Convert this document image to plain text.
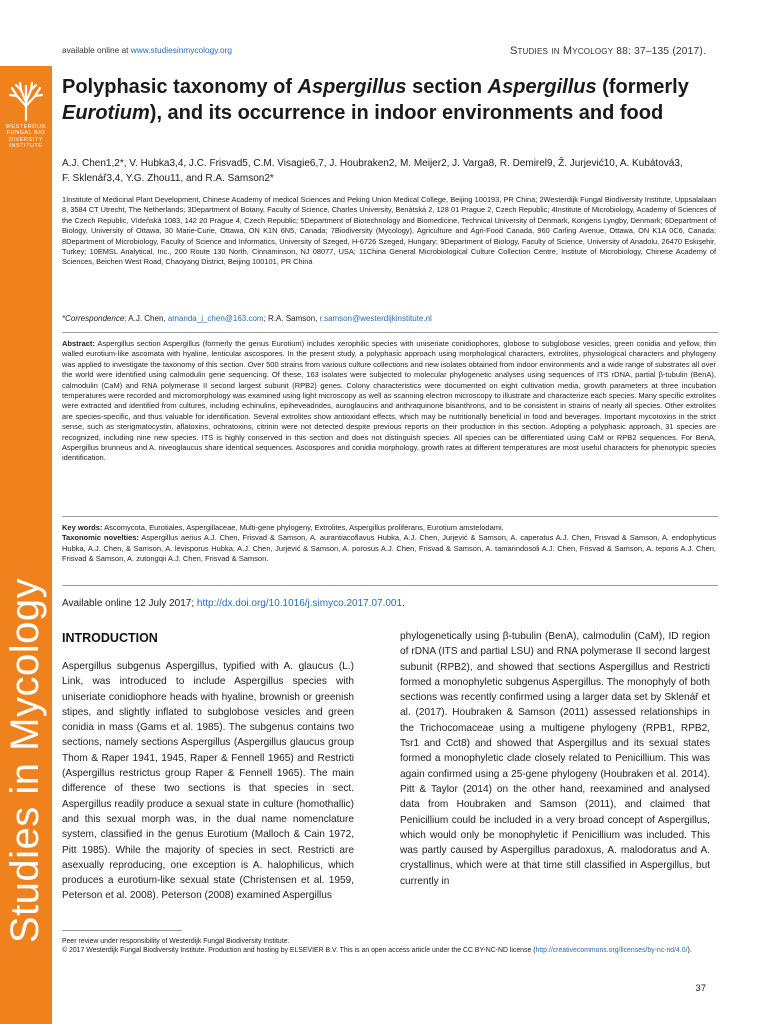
WESTERDIJK
FUNGAL BIO
DIVERSITY
INSTITUTE
Studies in Mycology
available online at www.studiesinmycology.org	Studies in Mycology 88: 37–135 (2017).
Polyphasic taxonomy of Aspergillus section Aspergillus (formerly Eurotium), and its occurrence in indoor environments and food
A.J. Chen1,2*, V. Hubka3,4, J.C. Frisvad5, C.M. Visagie6,7, J. Houbraken2, M. Meijer2, J. Varga8, R. Demirel9, Ž. Jurjević10, A. Kubátová3,
F. Sklenář3,4, Y.G. Zhou11, and R.A. Samson2*
1Institute of Medicinal Plant Development, Chinese Academy of medical Sciences and Peking Union Medical College, Beijing 100193, PR China; 2Westerdijk Fungal Biodiversity Institute, Uppsalalaan 8, 3584 CT Utrecht, The Netherlands; 3Department of Botany, Faculty of Science, Charles University, Benátská 2, 128 01 Prague 2, Czech Republic; 4Institute of Microbiology, Academy of Sciences of the Czech Republic, Vídeňská 1083, 142 20 Prague 4, Czech Republic; 5Department of Biotechnology and Biomedicine, Technical University of Denmark, Kongens Lyngby, Denmark; 6Department of Biology, University of Ottawa, 30 Marie-Curie, Ottawa, ON K1N 6N5, Canada; 7Biodiversity (Mycology), Agriculture and Agri-Food Canada, 960 Carling Avenue, Ottawa, ON K1A 0C6, Canada; 8Department of Microbiology, Faculty of Science and Informatics, University of Szeged, H-6726 Szeged, Hungary; 9Department of Biology, Faculty of Science, University of Anadolu, 26470 Eskişehir, Turkey; 10EMSL Analytical, Inc., 200 Route 130 North, Cinnaminson, NJ 08077, USA; 11China General Microbiological Culture Collection Centre, Institute of Microbiology, Chinese Academy of Sciences, Beichen West Road, Chaoyang District, Beijing 100101, PR China
*Correspondence: A.J. Chen, amanda_j_chen@163.com; R.A. Samson, r.samson@westerdijkinstitute.nl
Abstract: Aspergillus section Aspergillus (formerly the genus Eurotium) includes xerophilic species with uniseriate conidiophores, globose to subglobose vesicles, green conidia and yellow, thin walled eurotium-like ascomata with hyaline, lenticular ascospores. In the present study, a polyphasic approach using morphological characters, extrolites, physiological characters and phylogeny was applied to investigate the taxonomy of this section. Over 500 strains from various culture collections and new isolates obtained from indoor environments and a wide range of substrates all over the world were identified using calmodulin gene sequencing. Of these, 163 isolates were subjected to molecular phylogenetic analyses using sequences of ITS rDNA, partial β-tubulin (BenA), calmodulin (CaM) and RNA polymerase II second largest subunit (RPB2) genes. Colony characteristics were documented on eight cultivation media, growth parameters at three incubation temperatures were recorded and micromorphology was examined using light microscopy as well as scanning electron microscopy to illustrate and characterize each species. Many specific extrolites were extracted and identified from cultures, including echinulins, epiheveadrides, auroglaucins and anthraquinone bisanthrons, and to be consistent in strains of nearly all species. Other extrolites are species-specific, and thus valuable for identification. Several extrolites show antioxidant effects, which may be nutritionally beneficial in food and beverages. Important mycotoxins in the strict sense, such as sterigmatocystin, aflatoxins, ochratoxins, citrinin were not detected despite previous reports on their production in this section. Adopting a polyphasic approach, 31 species are recognized, including nine new species. ITS is highly conserved in this section and does not distinguish species. All species can be differentiated using CaM or RPB2 sequences. For BenA, Aspergillus brunneus and A. niveoglaucus share identical sequences. Ascospores and conidia morphology, growth rates at different temperatures are most useful characters for phenotypic species identification.
Key words: Ascomycota, Eurotiales, Aspergillaceae, Multi-gene phylogeny, Extrolites, Aspergillus proliferans, Eurotium amstelodami.
Taxonomic novelties: Aspergillus aerius A.J. Chen, Frisvad & Samson, A. aurantiacoflavus Hubka, A.J. Chen, Jurjević & Samson, A. caperatus A.J. Chen, Frisvad & Samson, A. endophyticus Hubka, A.J. Chen, & Samson, A. levisporus Hubka, A.J. Chen, Jurjević & Samson, A. porosus A.J. Chen, Frisvad & Samson, A. tamarindosoli A.J. Chen, Frisvad & Samson, A. teporis A.J. Chen, Frisvad & Samson, A. zutongqii A.J. Chen, Frisvad & Samson.
Available online 12 July 2017; http://dx.doi.org/10.1016/j.simyco.2017.07.001.
INTRODUCTION
Aspergillus subgenus Aspergillus, typified with A. glaucus (L.) Link, was introduced to include Aspergillus species with uniseriate conidiophore heads with hyaline, brownish or greenish stipes, and slightly inflated to subglobose vesicles and green conidia in mass (Gams et al. 1985). The subgenus contains two sections, namely sections Aspergillus (Aspergillus glaucus group Thom & Raper 1941, 1945, Raper & Fennell 1965) and Restricti (Aspergillus restrictus group Raper & Fennell 1965). The main difference of these two sections is that species in sect. Aspergillus readily produce a sexual state in culture (homothallic) and this sexual morph was, in the dual name nomenclature system, classified in the genus Eurotium (Malloch & Cain 1972, Pitt 1985). While the majority of species in sect. Restricti are asexually reproducing, one exception is A. halophilicus, which produces a eurotium-like sexual state (Christensen et al. 1959, Peterson et al. 2008). Peterson (2008) examined Aspergillus
phylogenetically using β-tubulin (BenA), calmodulin (CaM), ID region of rDNA (ITS and partial LSU) and RNA polymerase II second largest subunit (RPB2), and showed that sections Aspergillus and Restricti formed a monophyletic subgenus Aspergillus. The monophyly of both sections was recently confirmed using a larger data set by Sklenář et al. (2017). Houbraken & Samson (2011) assessed relationships in the Trichocomaceae using a multigene phylogeny (RPB1, RPB2, Tsr1 and Cct8) and showed that Aspergillus and its sexual states formed a monophyletic clade closely related to Penicillium. This was again confirmed using a 25-gene phylogeny (Houbraken et al. 2014). Pitt & Taylor (2014) on the other hand, reexamined and analysed data from Houbraken and Samson (2011), and claimed that Penicillium could be included in a very broad concept of Aspergillus, which would only be monophyletic if Penicillium was included. This was partly caused by Aspergillus paradoxus, A. malodoratus and A. crystallinus, which were at that time still classified in Aspergillus, but currently in
Peer review under responsibility of Westerdijk Fungal Biodiversity Institute.
© 2017 Westerdijk Fungal Biodiversity Institute. Production and hosting by ELSEVIER B.V. This is an open access article under the CC BY-NC-ND license (http://creativecommons.org/licenses/by-nc-nd/4.0/).
37
